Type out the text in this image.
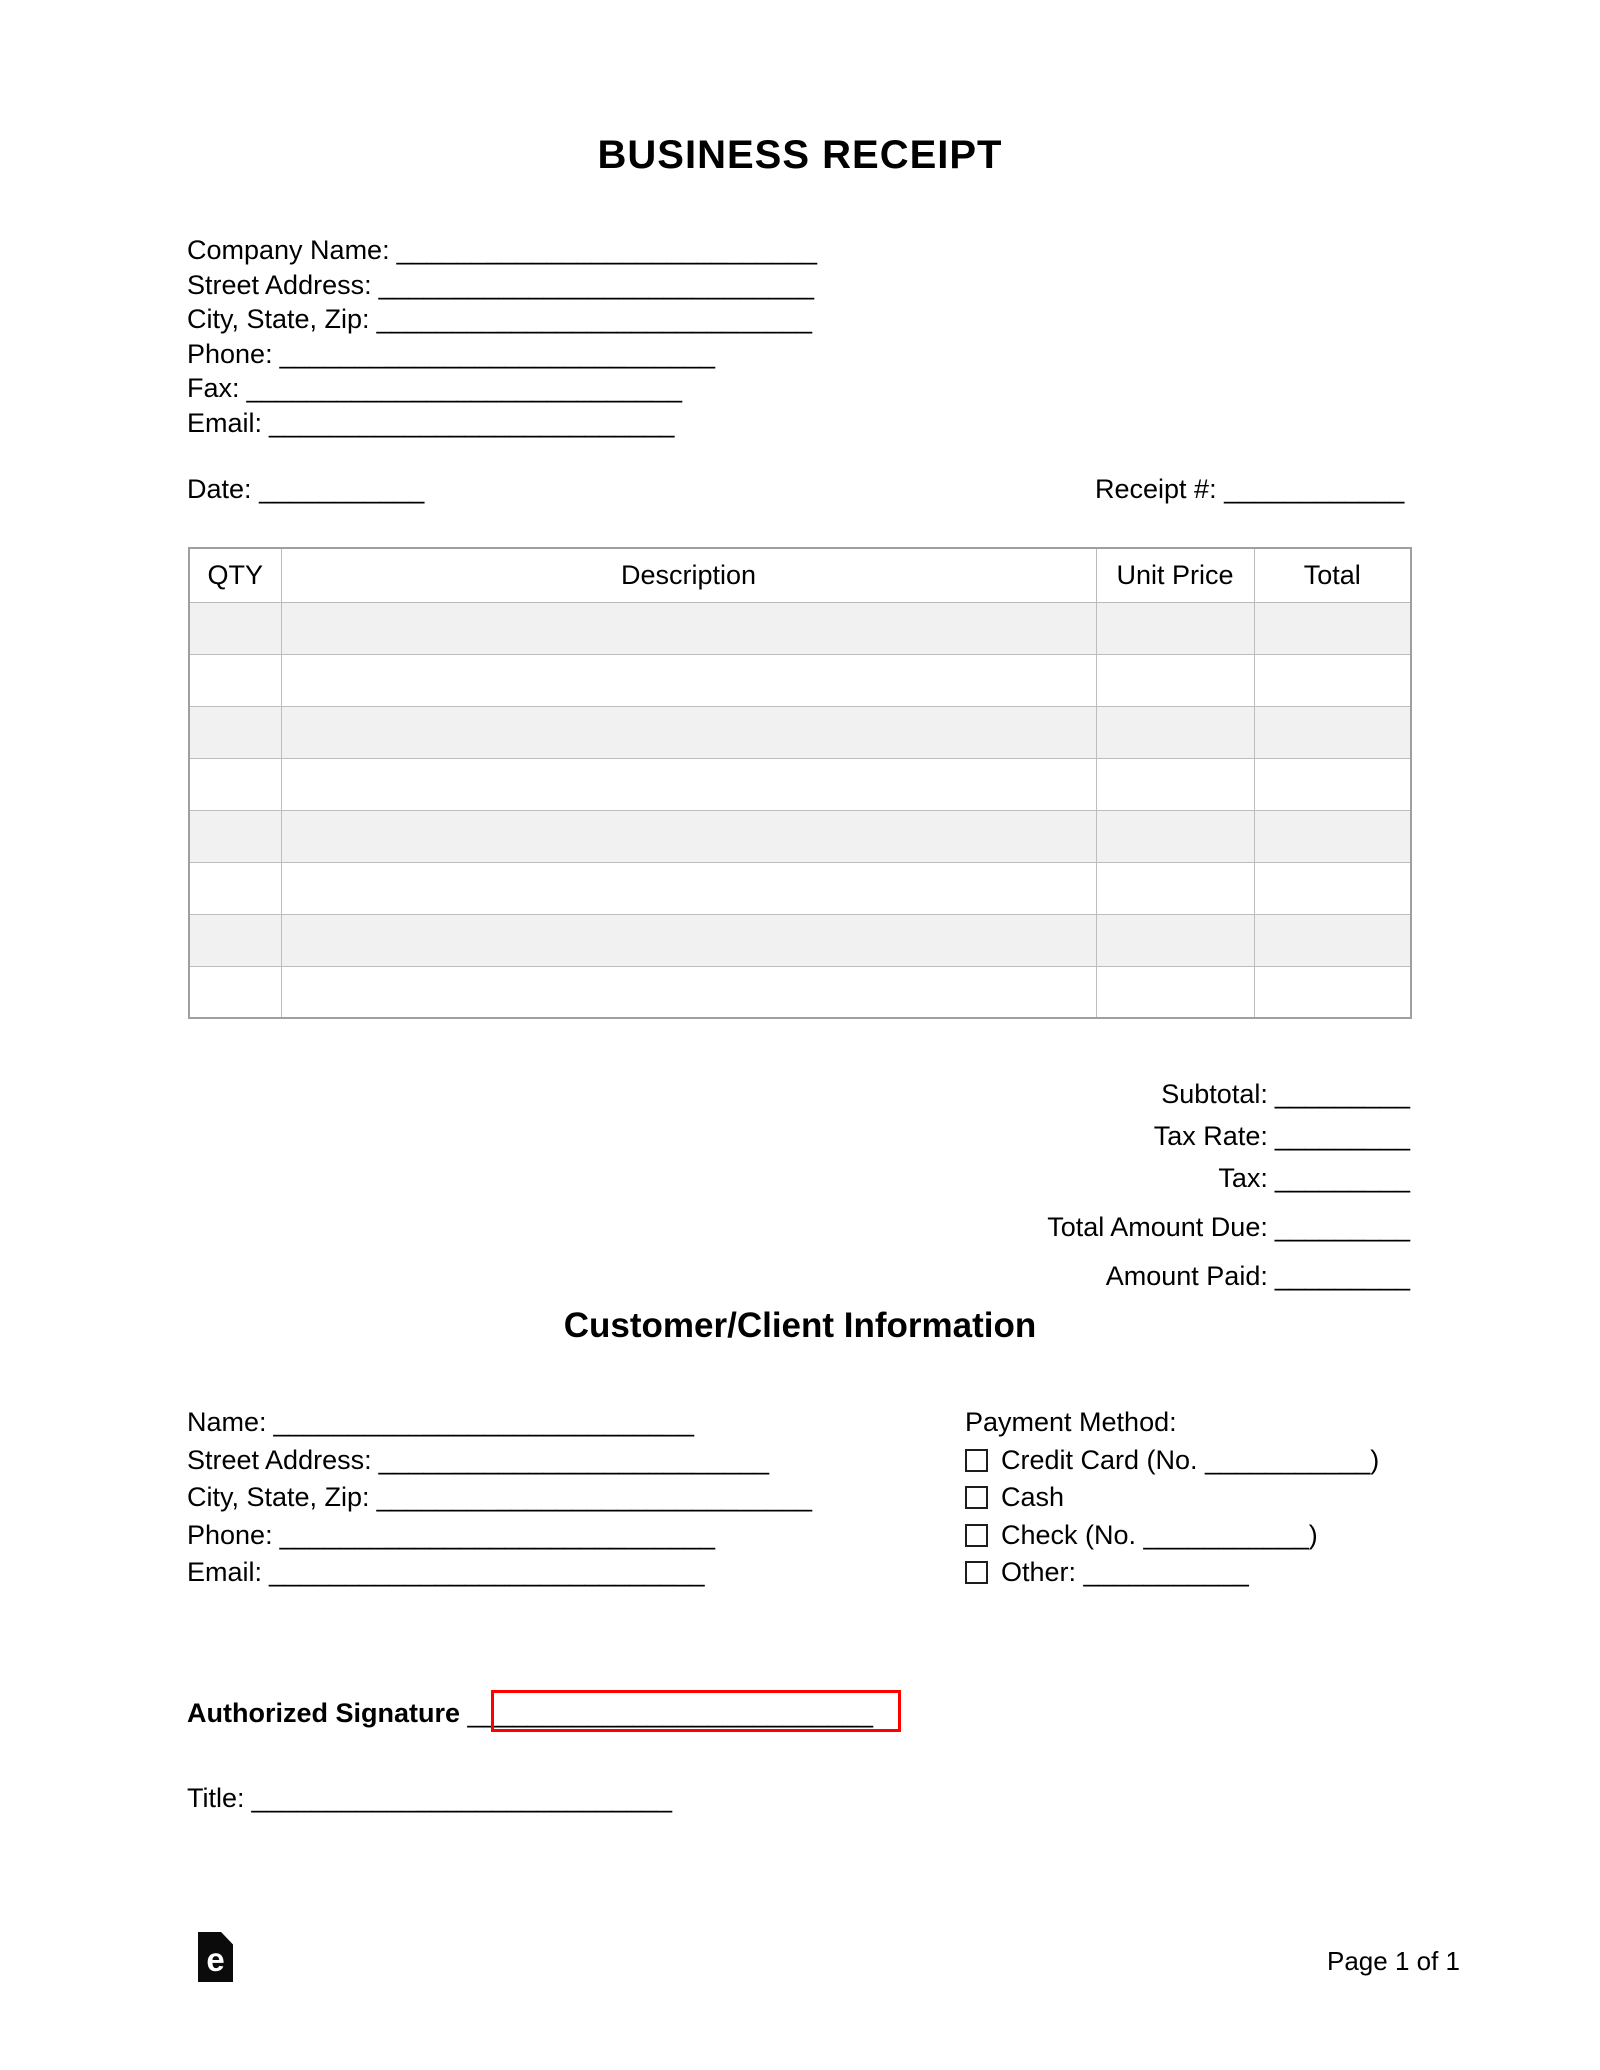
BUSINESS RECEIPT
Company Name: ____________________________
Street Address: _____________________________
City, State, Zip: _____________________________
Phone: _____________________________
Fax: _____________________________
Email: ___________________________
Date: ___________	Receipt #: ____________
QTY	Description	Unit Price	Total

Subtotal: _________
Tax Rate: _________
Tax: _________
Total Amount Due: _________
Amount Paid: _________
Customer/Client Information
Name: ____________________________
Street Address: __________________________
City, State, Zip: _____________________________
Phone: _____________________________
Email: _____________________________
Payment Method:
Credit Card (No. ___________)
Cash
Check (No. ___________)
Other: ___________
Authorized Signature ___________________________
Title: ____________________________
e	Page 1 of 1
